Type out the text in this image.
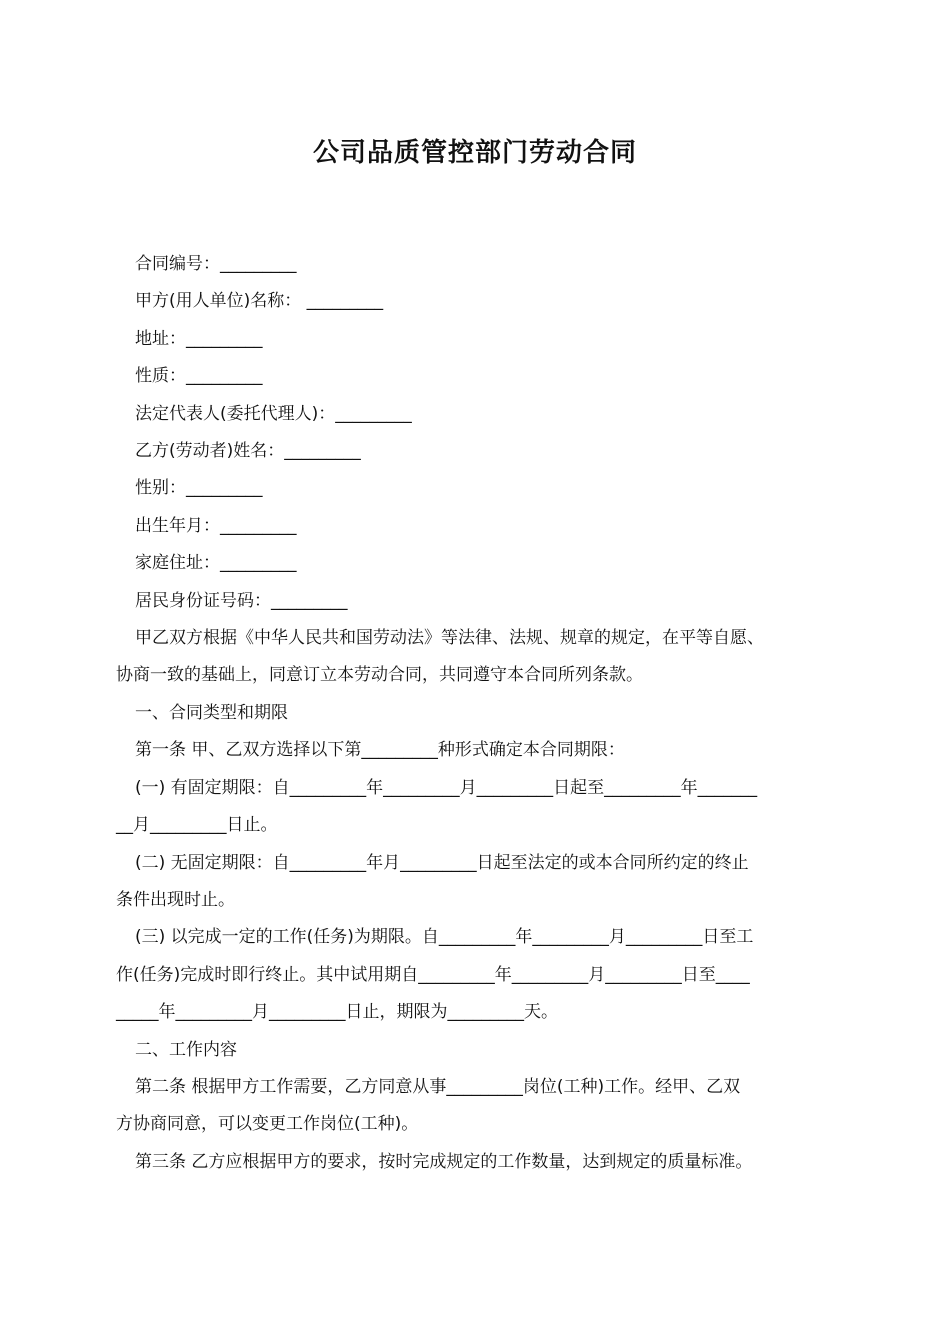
公司品质管控部门劳动合同
合同编号：_________
甲方(用人单位)名称： _________
地址：_________
性质：_________
法定代表人(委托代理人)：_________
乙方(劳动者)姓名：_________
性别：_________
出生年月：_________
家庭住址：_________
居民身份证号码：_________
甲乙双方根据《中华人民共和国劳动法》等法律、法规、规章的规定，在平等自愿、
协商一致的基础上，同意订立本劳动合同，共同遵守本合同所列条款。
一、合同类型和期限
第一条 甲、乙双方选择以下第_________种形式确定本合同期限：
(一) 有固定期限：自_________年_________月_________日起至_________年_______
__月_________日止。
(二) 无固定期限：自_________年月_________日起至法定的或本合同所约定的终止
条件出现时止。
(三) 以完成一定的工作(任务)为期限。自_________年_________月_________日至工
作(任务)完成时即行终止。其中试用期自_________年_________月_________日至____
_____年_________月_________日止，期限为_________天。
二、工作内容
第二条 根据甲方工作需要，乙方同意从事_________岗位(工种)工作。经甲、乙双
方协商同意，可以变更工作岗位(工种)。
第三条 乙方应根据甲方的要求，按时完成规定的工作数量，达到规定的质量标准。
